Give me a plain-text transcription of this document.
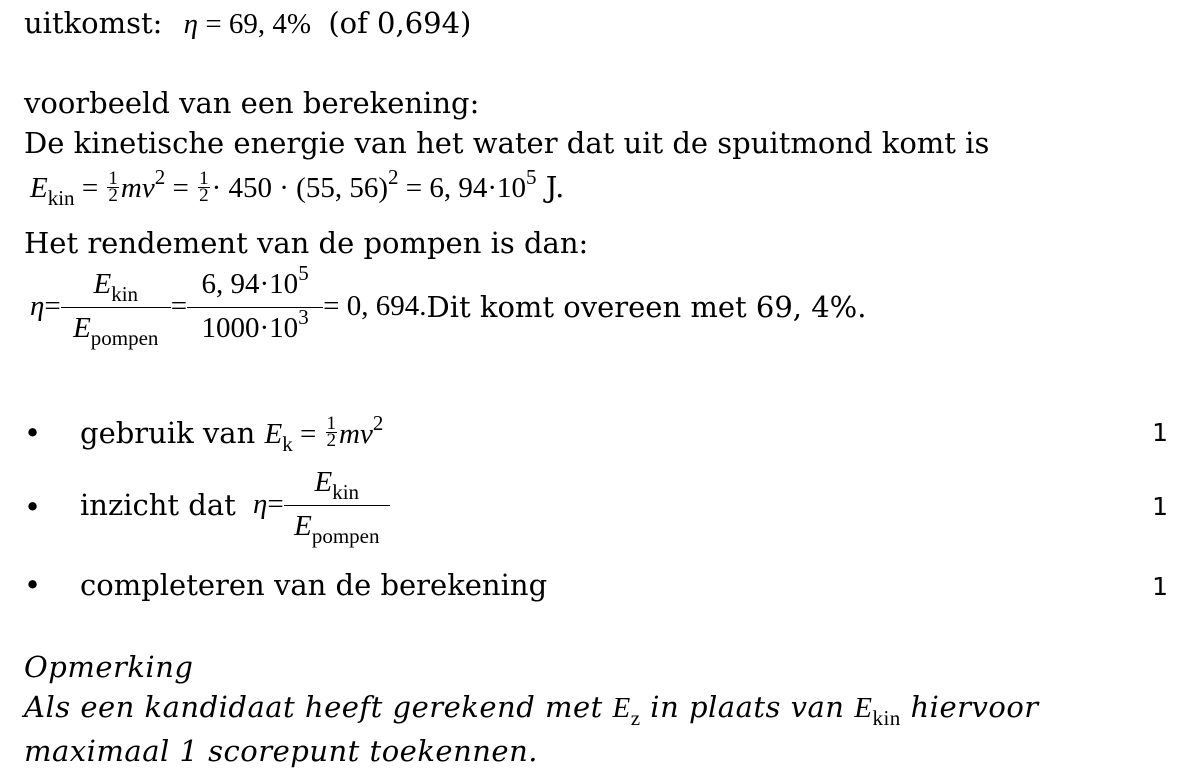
uitkomst: η = 69, 4% (of 0,694)
voorbeeld van een berekening:
De kinetische energie van het water dat uit de spuitmond komt is
$E_{kin} = \frac{1}{2} mv^2 = \frac{1}{2} \cdot 450 \cdot (55$, 56)$^2$ = 6, $94\cdot 10^5$ J.
Het rendement van de pompen is dan:
$\eta = \frac{E_{kin}}{E_{pompen}} = \frac{6, 94\cdot 10^5}{1000\cdot 10^3} = 0$, 694. Dit komt overeen met 69, 4%.
• gebruik van $E_k = \frac{1}{2} mv^2$	1
• inzicht dat $\eta = \frac{E_{kin}}{E_{pompen}}$	1
• completeren van de berekening	1
Opmerking
Als een kandidaat heeft gerekend met $E_z$ in plaats van $E_{kin}$ hiervoor
maximaal 1 scorepunt toekennen.
